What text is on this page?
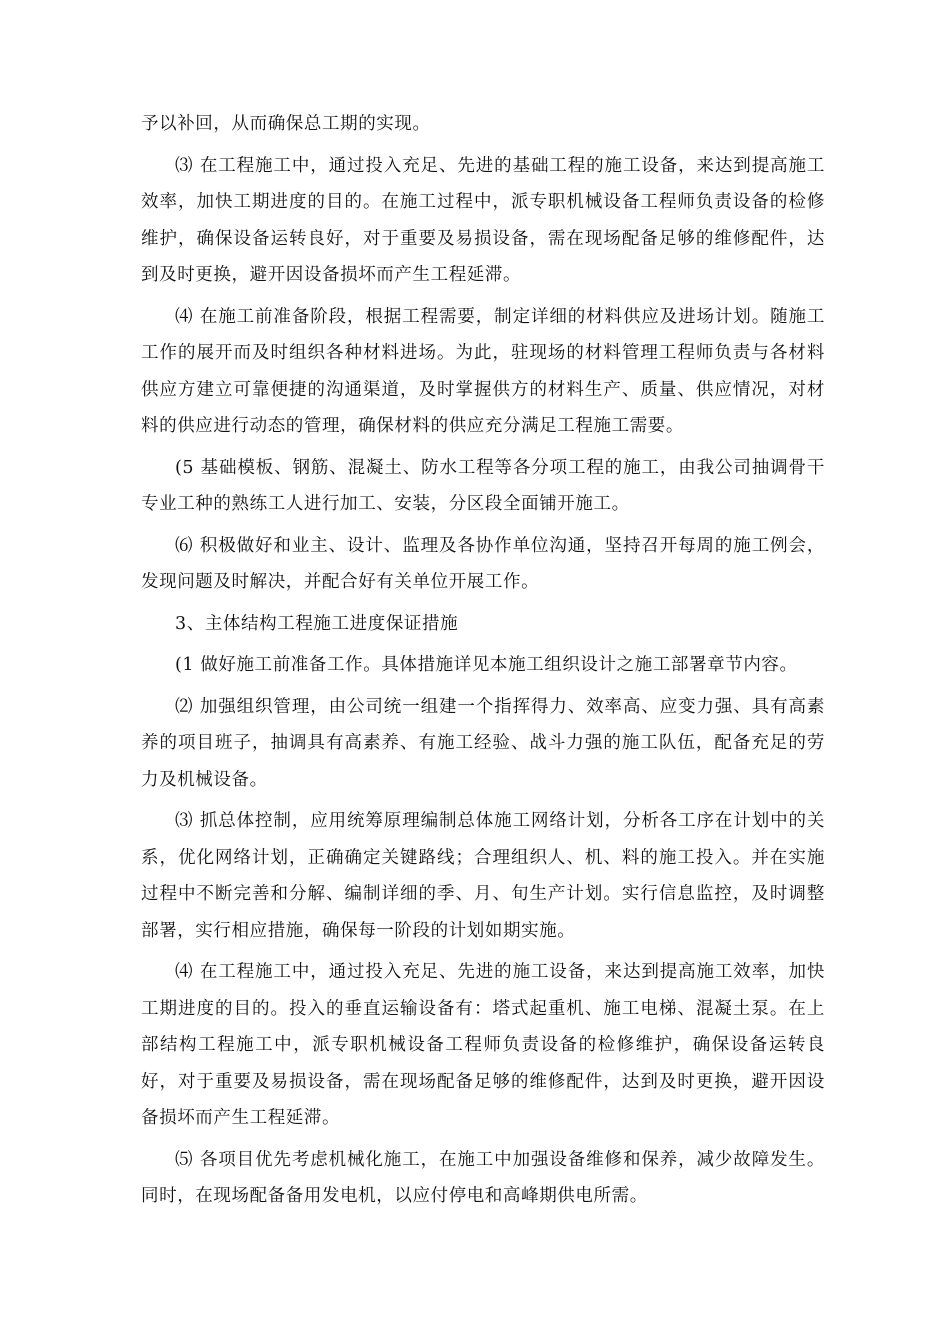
予以补回，从而确保总工期的实现。

⑶ 在工程施工中，通过投入充足、先进的基础工程的施工设备，来达到提高施工效率，加快工期进度的目的。在施工过程中，派专职机械设备工程师负责设备的检修维护，确保设备运转良好，对于重要及易损设备，需在现场配备足够的维修配件，达到及时更换，避开因设备损坏而产生工程延滞。

⑷ 在施工前准备阶段，根据工程需要，制定详细的材料供应及进场计划。随施工工作的展开而及时组织各种材料进场。为此，驻现场的材料管理工程师负责与各材料供应方建立可靠便捷的沟通渠道，及时掌握供方的材料生产、质量、供应情况，对材料的供应进行动态的管理，确保材料的供应充分满足工程施工需要。

(5 基础模板、钢筋、混凝土、防水工程等各分项工程的施工，由我公司抽调骨干专业工种的熟练工人进行加工、安装，分区段全面铺开施工。

⑹ 积极做好和业主、设计、监理及各协作单位沟通，坚持召开每周的施工例会，发现问题及时解决，并配合好有关单位开展工作。

3、主体结构工程施工进度保证措施

(1 做好施工前准备工作。具体措施详见本施工组织设计之施工部署章节内容。

⑵ 加强组织管理，由公司统一组建一个指挥得力、效率高、应变力强、具有高素养的项目班子，抽调具有高素养、有施工经验、战斗力强的施工队伍，配备充足的劳力及机械设备。

⑶ 抓总体控制，应用统筹原理编制总体施工网络计划，分析各工序在计划中的关系，优化网络计划，正确确定关键路线；合理组织人、机、料的施工投入。并在实施过程中不断完善和分解、编制详细的季、月、旬生产计划。实行信息监控，及时调整部署，实行相应措施，确保每一阶段的计划如期实施。

⑷ 在工程施工中，通过投入充足、先进的施工设备，来达到提高施工效率，加快工期进度的目的。投入的垂直运输设备有：塔式起重机、施工电梯、混凝土泵。在上部结构工程施工中，派专职机械设备工程师负责设备的检修维护，确保设备运转良好，对于重要及易损设备，需在现场配备足够的维修配件，达到及时更换，避开因设备损坏而产生工程延滞。

⑸ 各项目优先考虑机械化施工，在施工中加强设备维修和保养，减少故障发生。同时，在现场配备备用发电机，以应付停电和高峰期供电所需。
